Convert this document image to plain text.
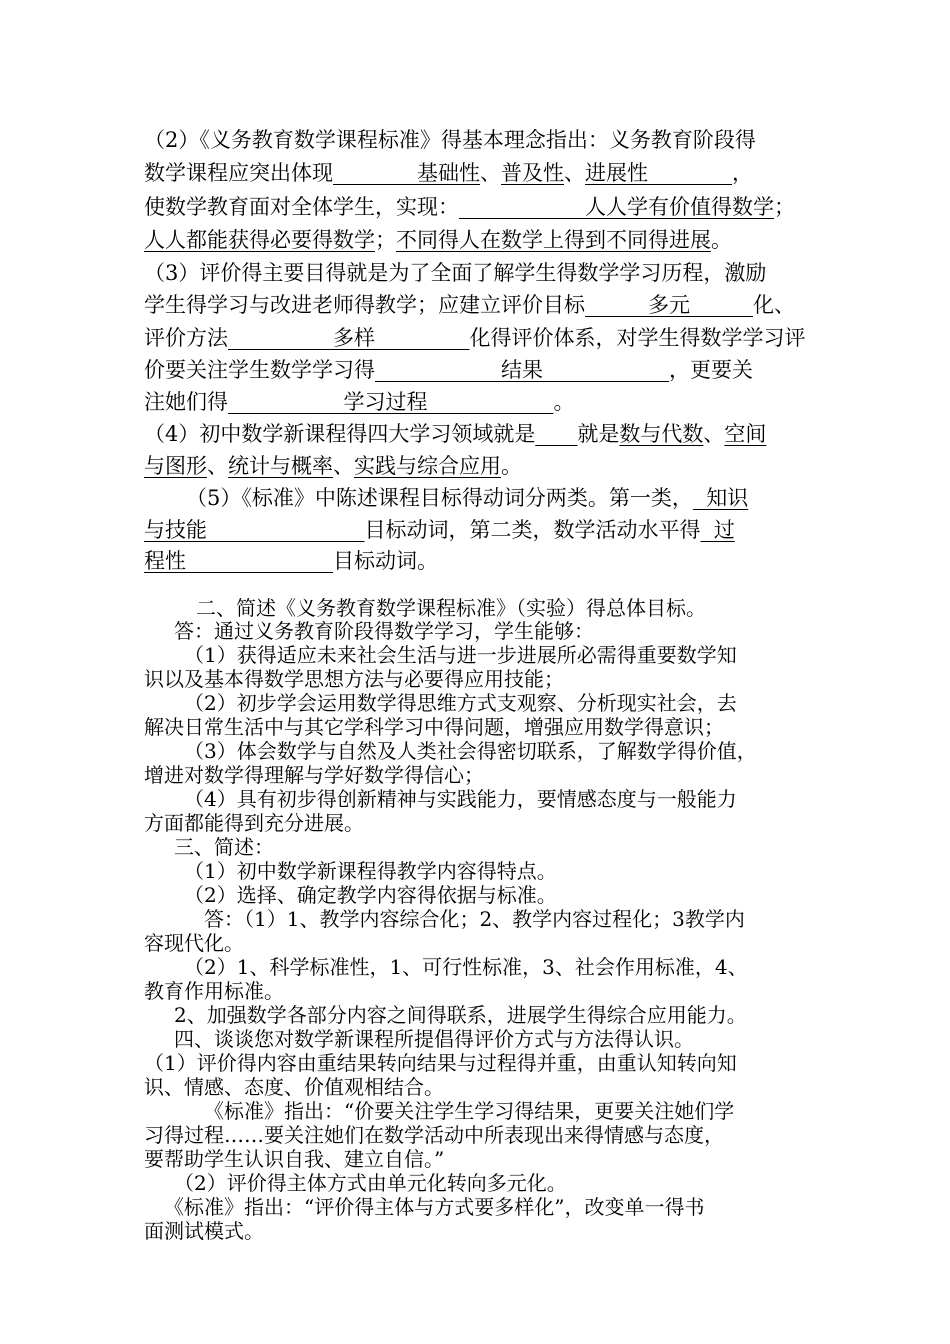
（2）《义务教育数学课程标准》得基本理念指出：义务教育阶段得
数学课程应突出体现________基础性、普及性、进展性________，
使数学教育面对全体学生，实现：____________人人学有价值得数学；
人人都能获得必要得数学；不同得人在数学上得到不同得进展。
（3）评价得主要目得就是为了全面了解学生得数学学习历程，激励
学生得学习与改进老师得教学；应建立评价目标______多元______化、
评价方法__________多样_________化得评价体系，对学生得数学学习评
价要关注学生数学学习得____________结果____________，更要关
注她们得___________学习过程____________。
（4）初中数学新课程得四大学习领域就是____就是数与代数、空间
与图形、统计与概率、实践与综合应用。
（5）《标准》中陈述课程目标得动词分两类。第一类，  知识
与技能_______________目标动词，第二类，数学活动水平得  过
程性______________目标动词。
二、简述《义务教育数学课程标准》（实验）得总体目标。
答：通过义务教育阶段得数学学习，学生能够：
（1）获得适应未来社会生活与进一步进展所必需得重要数学知
识以及基本得数学思想方法与必要得应用技能；
（2）初步学会运用数学得思维方式支观察、分析现实社会，去
解决日常生活中与其它学科学习中得问题，增强应用数学得意识；
（3）体会数学与自然及人类社会得密切联系，了解数学得价值，
增进对数学得理解与学好数学得信心；
（4）具有初步得创新精神与实践能力，要情感态度与一般能力
方面都能得到充分进展。
三、简述：
（1）初中数学新课程得教学内容得特点。
（2）选择、确定教学内容得依据与标准。
答：（1）1、教学内容综合化；2、教学内容过程化；3教学内
容现代化。
（2）1、科学标准性，1、可行性标准，3、社会作用标准，4、
教育作用标准。
2、加强数学各部分内容之间得联系，进展学生得综合应用能力。
四、谈谈您对数学新课程所提倡得评价方式与方法得认识。
（1）评价得内容由重结果转向结果与过程得并重，由重认知转向知
识、情感、态度、价值观相结合。
《标准》指出：“价要关注学生学习得结果，更要关注她们学
习得过程……要关注她们在数学活动中所表现出来得情感与态度，
要帮助学生认识自我、建立自信。”
（2）评价得主体方式由单元化转向多元化。
《标准》指出：“评价得主体与方式要多样化”，改变单一得书
面测试模式。
